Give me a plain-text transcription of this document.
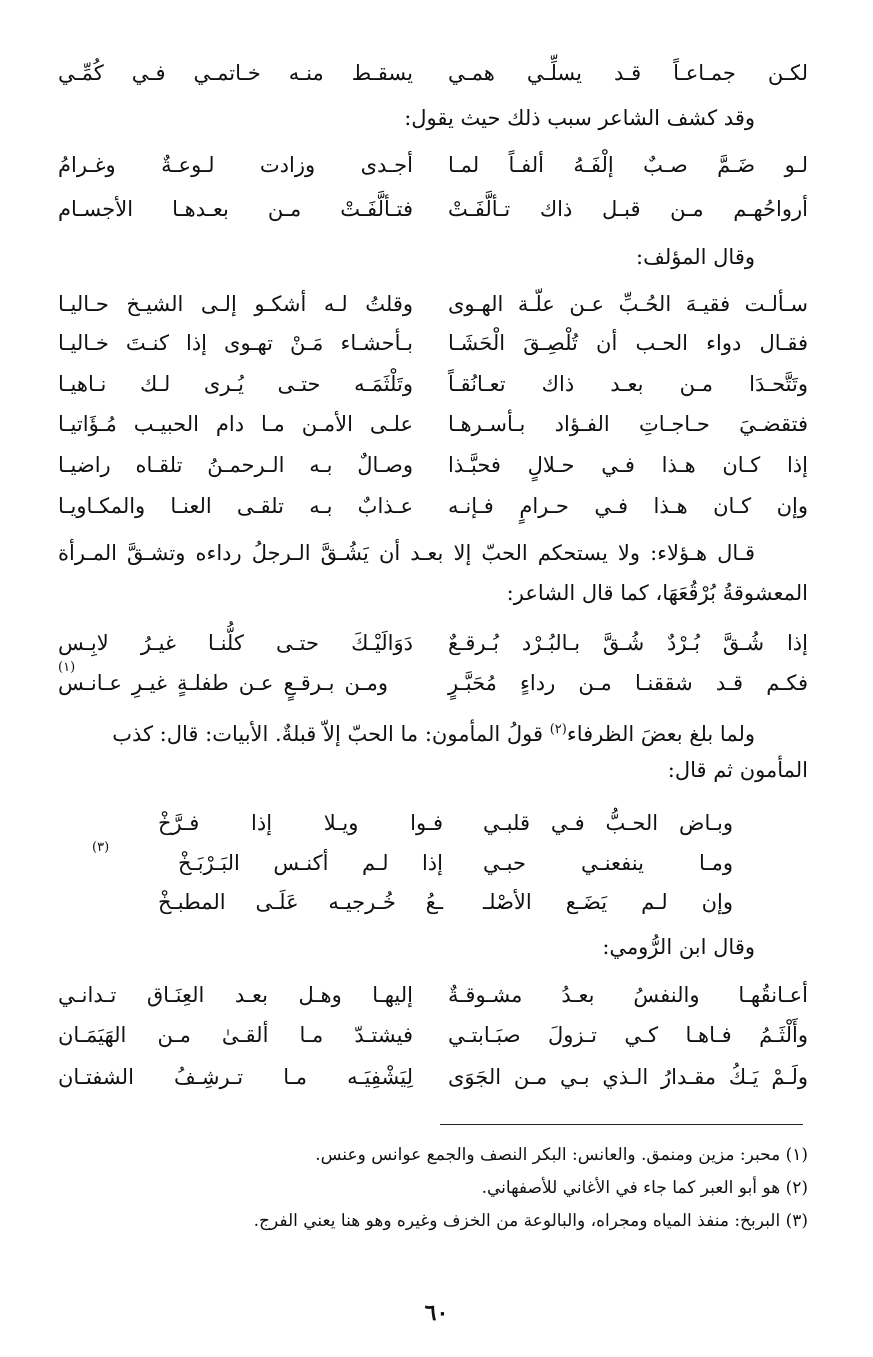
لكـن جمـاعـاً قـد يسلِّـي همـي
يسقـط منـه خـاتمـي فـي كُمِّـي
وقد كشف الشاعر سبب ذلك حيث يقول:
لـو ضَـمَّ صـبٌ إلْفَـهُ ألفـاً لمـا
أجـدى وزادت لـوعـةٌ وغـرامُ
أرواحُهـم مـن قبـل ذاك تـألَّفَـتْ
فتـألَّفَـتْ مـن بعـدهـا الأجسـام
وقال المؤلف:
سـألـت فقيـهَ الحُـبِّ عـن علّـة الهـوى
وقلتُ لـه أشكـو إلـى الشيـخ حـاليـا
فقـال دواء الحـب أن تُلْصِـقَ الْحَشَـا
بـأحشـاء مَـنْ تهـوى إذا كنـتَ خـاليـا
وتَتَّحـدَا مـن بعـد ذاك تعـانُقـاً
وتَلْثَمَـه حتـى يُـرى لـك نـاهيـا
فتقضـيَ حـاجـاتِ الفـؤاد بـأسـرهـا
علـى الأمـن مـا دام الحبيـب مُـؤَاتيـا
إذا كـان هـذا فـي حـلالٍ فحبَّـذا
وصـالٌ بـه الـرحمـنُ تلقـاه راضيـا
وإن كـان هـذا فـي حـرامٍ فـإنـه
عـذابٌ بـه تلقـى العنـا والمكـاويـا
قـال هـؤلاء: ولا يستحكم الحبّ إلا بعـد أن يَشُـقَّ الـرجلُ رداءه وتشـقَّ المـرأة
المعشوقةُ بُرْقُعَهَا، كما قال الشاعر:
إذا شُـقَّ بُـرْدٌ شُـقَّ بـالبُـرْد بُـرقـعٌ
دَوَالَيْـكَ حتـى كلُّنـا غيـرُ لابِـس
فكـم قـد شققنـا مـن رداءٍ مُحَبَّـرٍ
ومـن بـرقـعٍ عـن طفلـةٍ غيـرِ عـانـس
(١)
ولما بلغ بعضَ الظرفاء$^{(٢)}$ قولُ المأمون: ما الحبّ إلاّ قبلةٌ. الأبيات: قال: كذب
المأمون ثم قال:
وبـاض الحـبُّ فـي قلبـي
فـوا ويـلا إذا فـرَّخْ
ومـا ينفعنـي حبـي
إذا لـم أكنـس البَـرْبَـخْ
(٣)
وإن لـم يَضَـع الأصْلـ
ـعُ خُـرجيـه عَلَـى المطبـخْ
وقال ابن الرُّومي:
أعـانقُهـا والنفسُ بعـدُ مشـوقـةٌ
إليهـا وهـل بعـد العِنَـاق تـدانـي
وأَلْثَـمُ فـاهـا كـي تـزولَ صبَـابتـي
فيشتـدّ مـا ألقـىٰ مـن الهَيَمَـان
ولَـمْ يَـكُ مقـدارُ الـذي بـي مـن الجَوَى
لِيَشْفِيَـه مـا تـرشِـفُ الشفتـان
(١) محبر: مزين ومنمق. والعانس: البكر النصف والجمع عوانس وعنس.
(٢) هو أبو العبر كما جاء في الأغاني للأصفهاني.
(٣) البربخ: منفذ المياه ومجراه، والبالوعة من الخزف وغيره وهو هنا يعني الفرج.
٦٠
